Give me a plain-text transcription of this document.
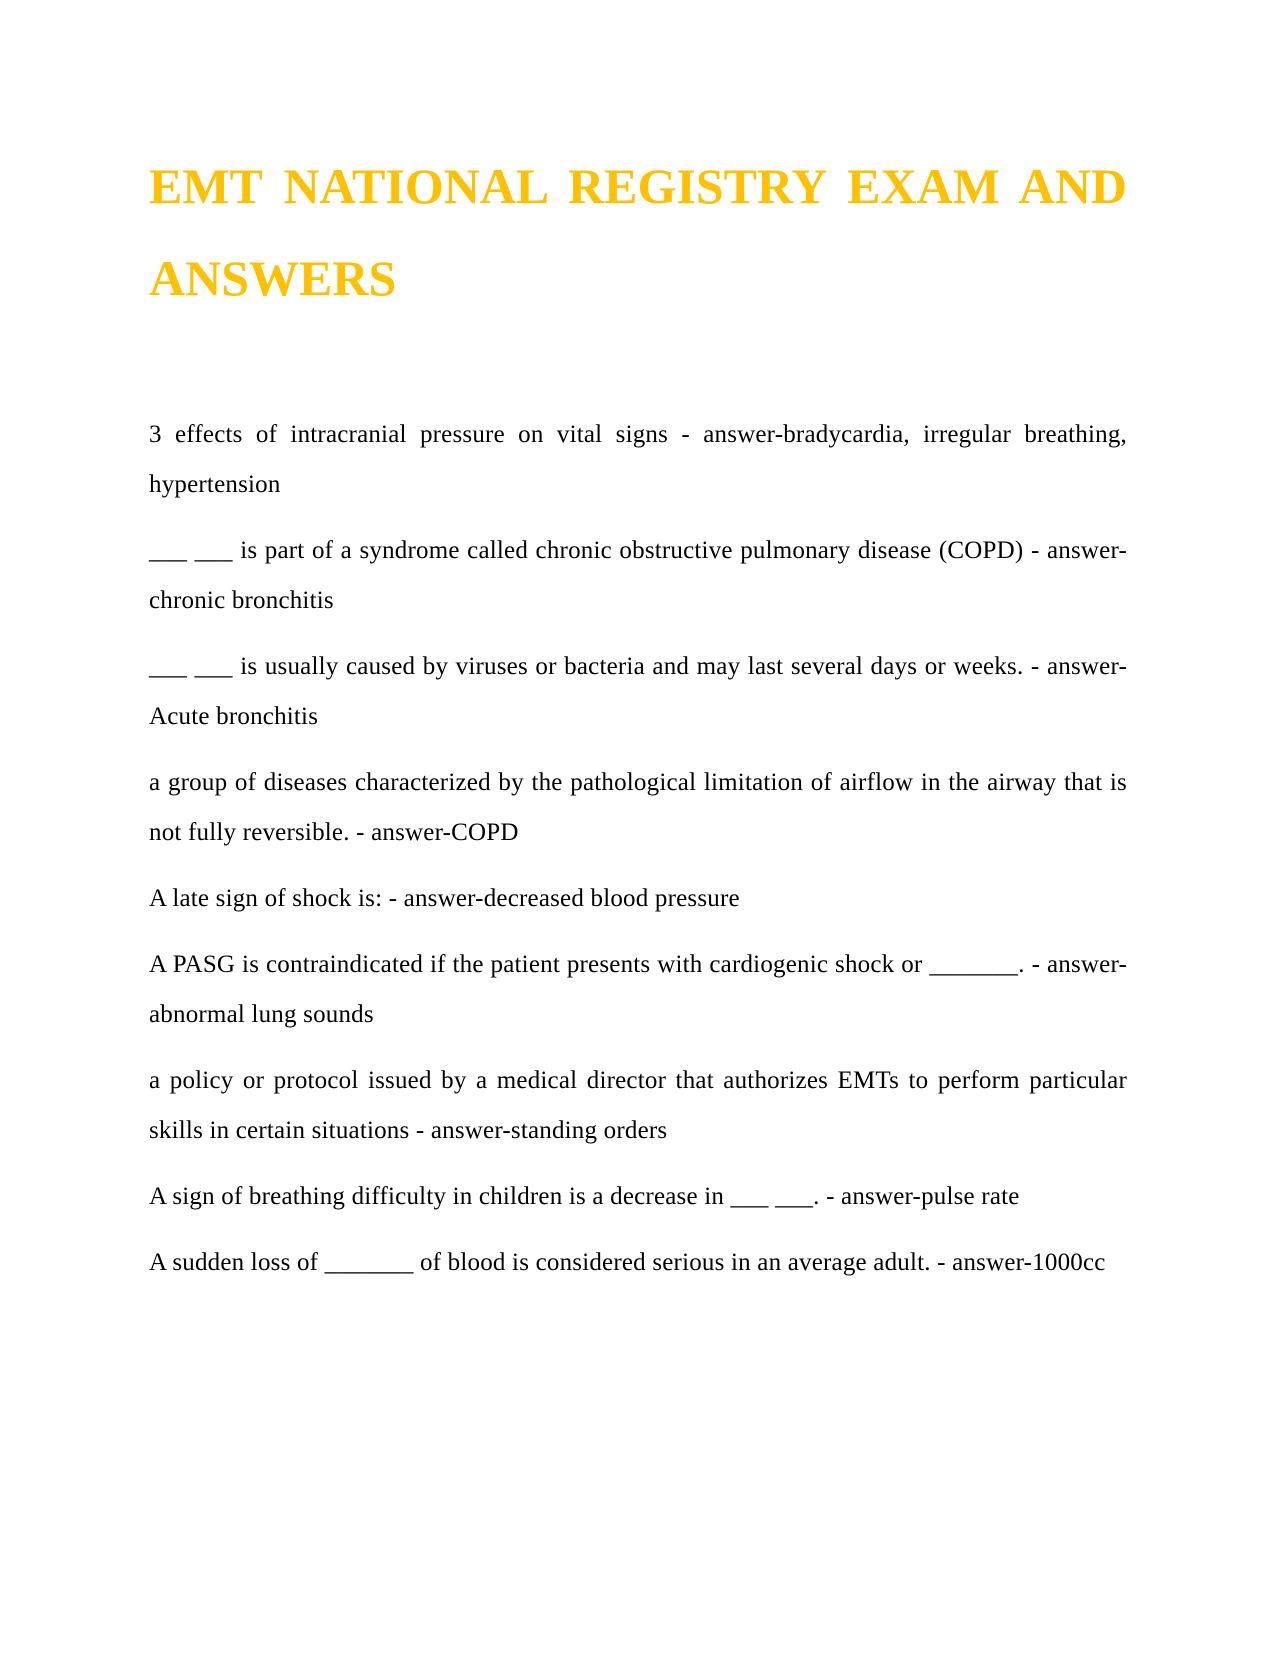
EMT NATIONAL REGISTRY EXAM AND ANSWERS
3 effects of intracranial pressure on vital signs - answer-bradycardia, irregular breathing, hypertension
___ ___ is part of a syndrome called chronic obstructive pulmonary disease (COPD) - answer-chronic bronchitis
___ ___ is usually caused by viruses or bacteria and may last several days or weeks. - answer-Acute bronchitis
a group of diseases characterized by the pathological limitation of airflow in the airway that is not fully reversible. - answer-COPD
A late sign of shock is: - answer-decreased blood pressure
A PASG is contraindicated if the patient presents with cardiogenic shock or _______. - answer-abnormal lung sounds
a policy or protocol issued by a medical director that authorizes EMTs to perform particular skills in certain situations - answer-standing orders
A sign of breathing difficulty in children is a decrease in ___ ___. - answer-pulse rate
A sudden loss of _______ of blood is considered serious in an average adult. - answer-1000cc
